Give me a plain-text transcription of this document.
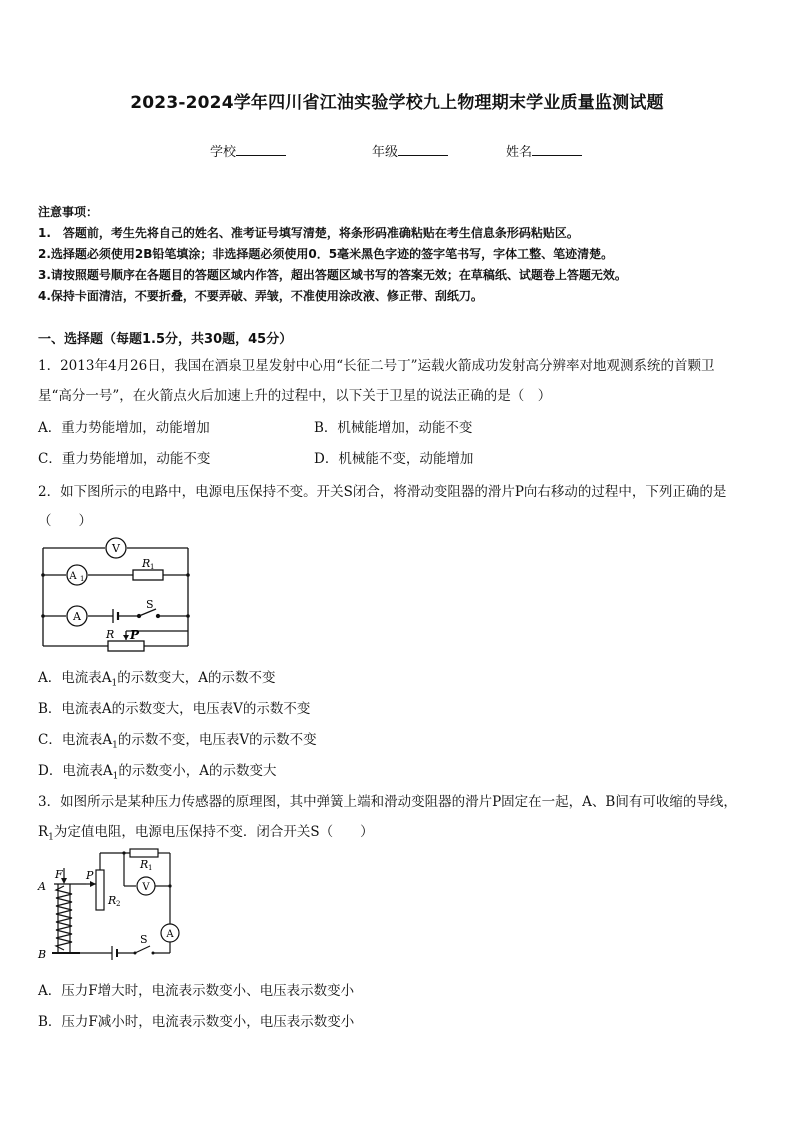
2023-2024学年四川省江油实验学校九上物理期末学业质量监测试题
学校	年级	姓名
注意事项：
1.　答题前，考生先将自己的姓名、准考证号填写清楚，将条形码准确粘贴在考生信息条形码粘贴区。
2.选择题必须使用2B铅笔填涂；非选择题必须使用0．5毫米黑色字迹的签字笔书写，字体工整、笔迹清楚。
3.请按照题号顺序在各题目的答题区域内作答，超出答题区域书写的答案无效；在草稿纸、试题卷上答题无效。
4.保持卡面清洁，不要折叠，不要弄破、弄皱，不准使用涂改液、修正带、刮纸刀。
一、选择题（每题1.5分，共30题，45分）
1．2013年4月26日，我国在酒泉卫星发射中心用“长征二号丁”运载火箭成功发射高分辨率对地观测系统的首颗卫
星“高分一号”，在火箭点火后加速上升的过程中，以下关于卫星的说法正确的是（　）
A．重力势能增加，动能增加	B．机械能增加，动能不变
C．重力势能增加，动能不变	D．机械能不变，动能增加
2．如下图所示的电路中，电源电压保持不变。开关S闭合，将滑动变阻器的滑片P向右移动的过程中，下列正确的是
（　　）
V
R 1
A 1
A
S
R P
A．电流表$A_1$的示数变大，A的示数不变
B．电流表A的示数变大，电压表V的示数不变
C．电流表$A_1$的示数不变，电压表V的示数不变
D．电流表$A_1$的示数变小，A的示数变大
3．如图所示是某种压力传感器的原理图，其中弹簧上端和滑动变阻器的滑片P固定在一起，A、B间有可收缩的导线，
$R_1$为定值电阻，电源电压保持不变．闭合开关S（　　）
F P
R 1
R 2
V
A
S
A
B
A．压力F增大时，电流表示数变小、电压表示数变小
B．压力F减小时，电流表示数变小，电压表示数变小
